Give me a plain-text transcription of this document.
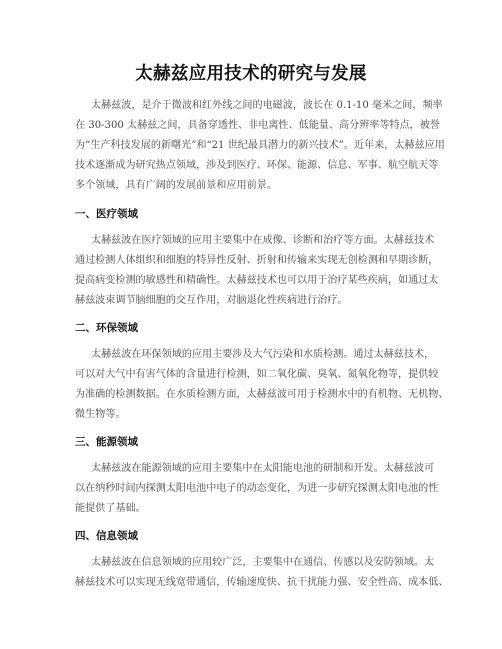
太赫兹应用技术的研究与发展
太赫兹波，是介于微波和红外线之间的电磁波，波长在 0.1-10 毫米之间，频率
在 30-300 太赫兹之间，具备穿透性、非电离性、低能量、高分辨率等特点，被誉
为“生产科技发展的新曙光”和“21 世纪最具潜力的新兴技术”。近年来，太赫兹应用
技术逐渐成为研究热点领域，涉及到医疗、环保、能源、信息、军事、航空航天等
多个领域，具有广阔的发展前景和应用前景。
一、医疗领域
太赫兹波在医疗领域的应用主要集中在成像、诊断和治疗等方面。太赫兹技术
通过检测人体组织和细胞的特异性反射、折射和传输来实现无创检测和早期诊断，
提高病变检测的敏感性和精确性。太赫兹技术也可以用于治疗某些疾病，如通过太
赫兹波束调节脑细胞的交互作用，对脑退化性疾病进行治疗。
二、环保领域
太赫兹波在环保领域的应用主要涉及大气污染和水质检测。通过太赫兹技术，
可以对大气中有害气体的含量进行检测，如二氧化碳、臭氧、氮氧化物等，提供较
为准确的检测数据。在水质检测方面，太赫兹波可用于检测水中的有机物、无机物、
微生物等。
三、能源领域
太赫兹波在能源领域的应用主要集中在太阳能电池的研制和开发。太赫兹波可
以在纳秒时间内探测太阳电池中电子的动态变化，为进一步研究探测太阳电池的性
能提供了基础。
四、信息领域
太赫兹波在信息领域的应用较广泛，主要集中在通信、传感以及安防领域。太
赫兹技术可以实现无线宽带通信，传输速度快、抗干扰能力强、安全性高、成本低、
